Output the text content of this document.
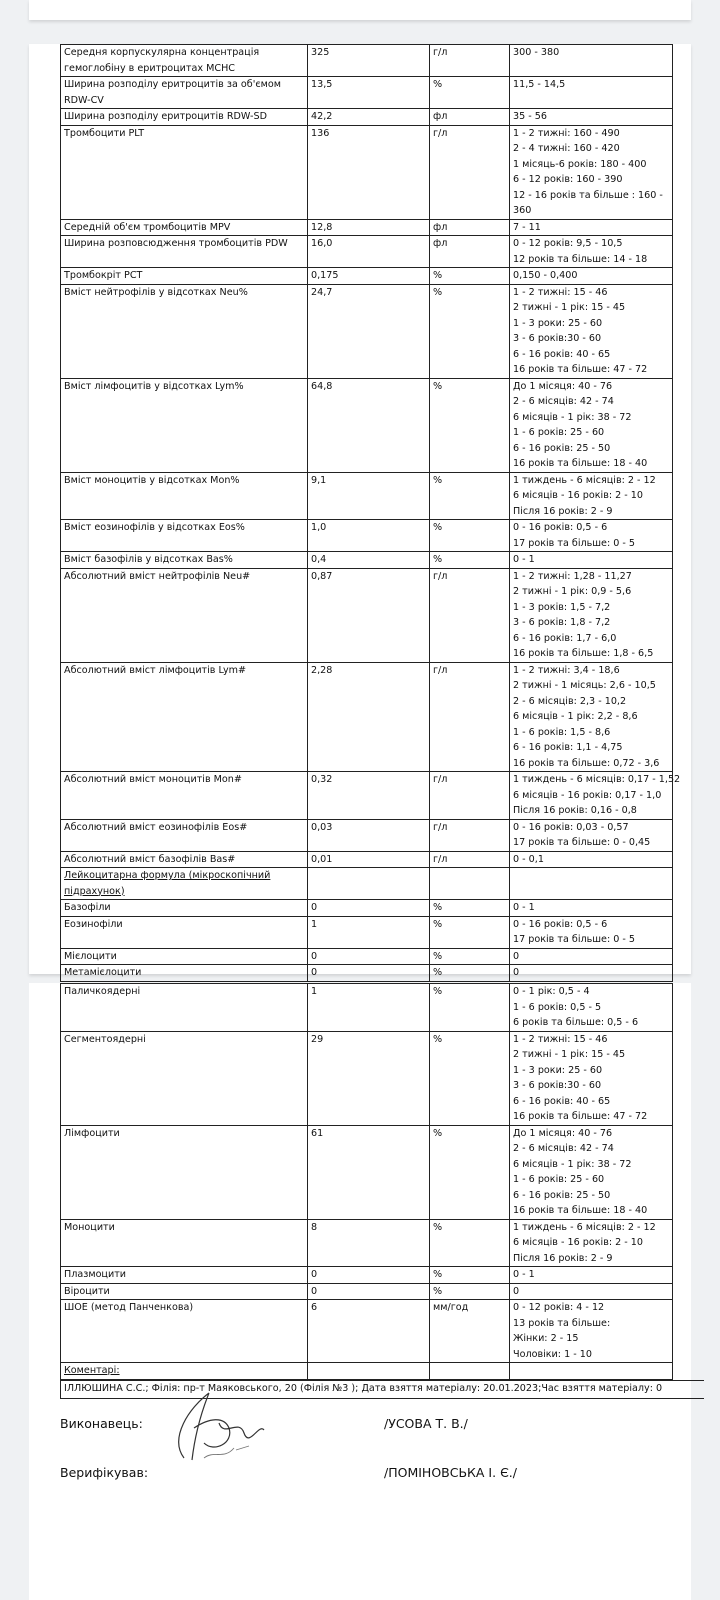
Середня корпускулярна концентрація гемоглобіну в еритроцитах MCHC	325	г/л	300 - 380

Ширина розподілу еритроцитів за об'ємом RDW-CV	13,5	%	11,5 - 14,5

Ширина розподілу еритроцитів RDW-SD	42,2	фл	35 - 56

Тромбоцити PLT	136	г/л	1 - 2 тижні: 160 - 490
2 - 4 тижні: 160 - 420
1 місяць-6 років: 180 - 400
6 - 12 років: 160 - 390
12 - 16 років та більше : 160 -
360

Середній об'єм тромбоцитів MPV	12,8	фл	7 - 11

Ширина розповсюдження тромбоцитів PDW	16,0	фл	0 - 12 років: 9,5 - 10,5
12 років та більше: 14 - 18

Тромбокріт PCT	0,175	%	0,150 - 0,400

Вміст нейтрофілів у відсотках Neu%	24,7	%	1 - 2 тижні: 15 - 46
2 тижні - 1 рік: 15 - 45
1 - 3 роки: 25 - 60
3 - 6 років:30 - 60
6 - 16 років: 40 - 65
16 років та більше: 47 - 72

Вміст лімфоцитів у відсотках Lym%	64,8	%	До 1 місяця: 40 - 76
2 - 6 місяців: 42 - 74
6 місяців - 1 рік: 38 - 72
1 - 6 років: 25 - 60
6 - 16 років: 25 - 50
16 років та більше: 18 - 40

Вміст моноцитів у відсотках Mon%	9,1	%	1 тиждень - 6 місяців: 2 - 12
6 місяців - 16 років: 2 - 10
Після 16 років: 2 - 9

Вміст еозинофілів у відсотках Eos%	1,0	%	0 - 16 років: 0,5 - 6
17 років та більше: 0 - 5

Вміст базофілів у відсотках Bas%	0,4	%	0 - 1

Абсолютний вміст нейтрофілів Neu#	0,87	г/л	1 - 2 тижні: 1,28 - 11,27
2 тижні - 1 рік: 0,9 - 5,6
1 - 3 років: 1,5 - 7,2
3 - 6 років: 1,8 - 7,2
6 - 16 років: 1,7 - 6,0
16 років та більше: 1,8 - 6,5

Абсолютний вміст лімфоцитів Lym#	2,28	г/л	1 - 2 тижні: 3,4 - 18,6
2 тижні - 1 місяць: 2,6 - 10,5
2 - 6 місяців: 2,3 - 10,2
6 місяців - 1 рік: 2,2 - 8,6
1 - 6 років: 1,5 - 8,6
6 - 16 років: 1,1 - 4,75
16 років та більше: 0,72 - 3,6

Абсолютний вміст моноцитів Mon#	0,32	г/л	1 тиждень - 6 місяців: 0,17 - 1,52
6 місяців - 16 років: 0,17 - 1,0
Після 16 років: 0,16 - 0,8

Абсолютний вміст еозинофілів Eos#	0,03	г/л	0 - 16 років: 0,03 - 0,57
17 років та більше: 0 - 0,45

Абсолютний вміст базофілів Bas#	0,01	г/л	0 - 0,1

Лейкоцитарна формула (мікроскопічний підрахунок)			
Базофіли	0	%	0 - 1

Еозинофіли	1	%	0 - 16 років: 0,5 - 6
17 років та більше: 0 - 5

Мієлоцити	0	%	0

Метамієлоцити	0	%	0
Паличкоядерні	1	%	0 - 1 рік: 0,5 - 4
1 - 6 років: 0,5 - 5
6 років та більше: 0,5 - 6

Сегментоядерні	29	%	1 - 2 тижні: 15 - 46
2 тижні - 1 рік: 15 - 45
1 - 3 роки: 25 - 60
3 - 6 років:30 - 60
6 - 16 років: 40 - 65
16 років та більше: 47 - 72

Лімфоцити	61	%	До 1 місяця: 40 - 76
2 - 6 місяців: 42 - 74
6 місяців - 1 рік: 38 - 72
1 - 6 років: 25 - 60
6 - 16 років: 25 - 50
16 років та більше: 18 - 40

Моноцити	8	%	1 тиждень - 6 місяців: 2 - 12
6 місяців - 16 років: 2 - 10
Після 16 років: 2 - 9

Плазмоцити	0	%	0 - 1

Віроцити	0	%	0

ШОЕ (метод Панченкова)	6	мм/год	0 - 12 років: 4 - 12
13 років та більше:
Жінки: 2 - 15
Чоловіки: 1 - 10

Коментарі:			
ІЛЛЮШИНА С.С.; Філія: пр-т Маяковського, 20 (Філія №3 ); Дата взяття матеріалу: 20.01.2023;Час взяття матеріалу: 0
Виконавець:	/УСОВА Т. В./
Верифікував:	/ПОМІНОВСЬКА І. Є./
